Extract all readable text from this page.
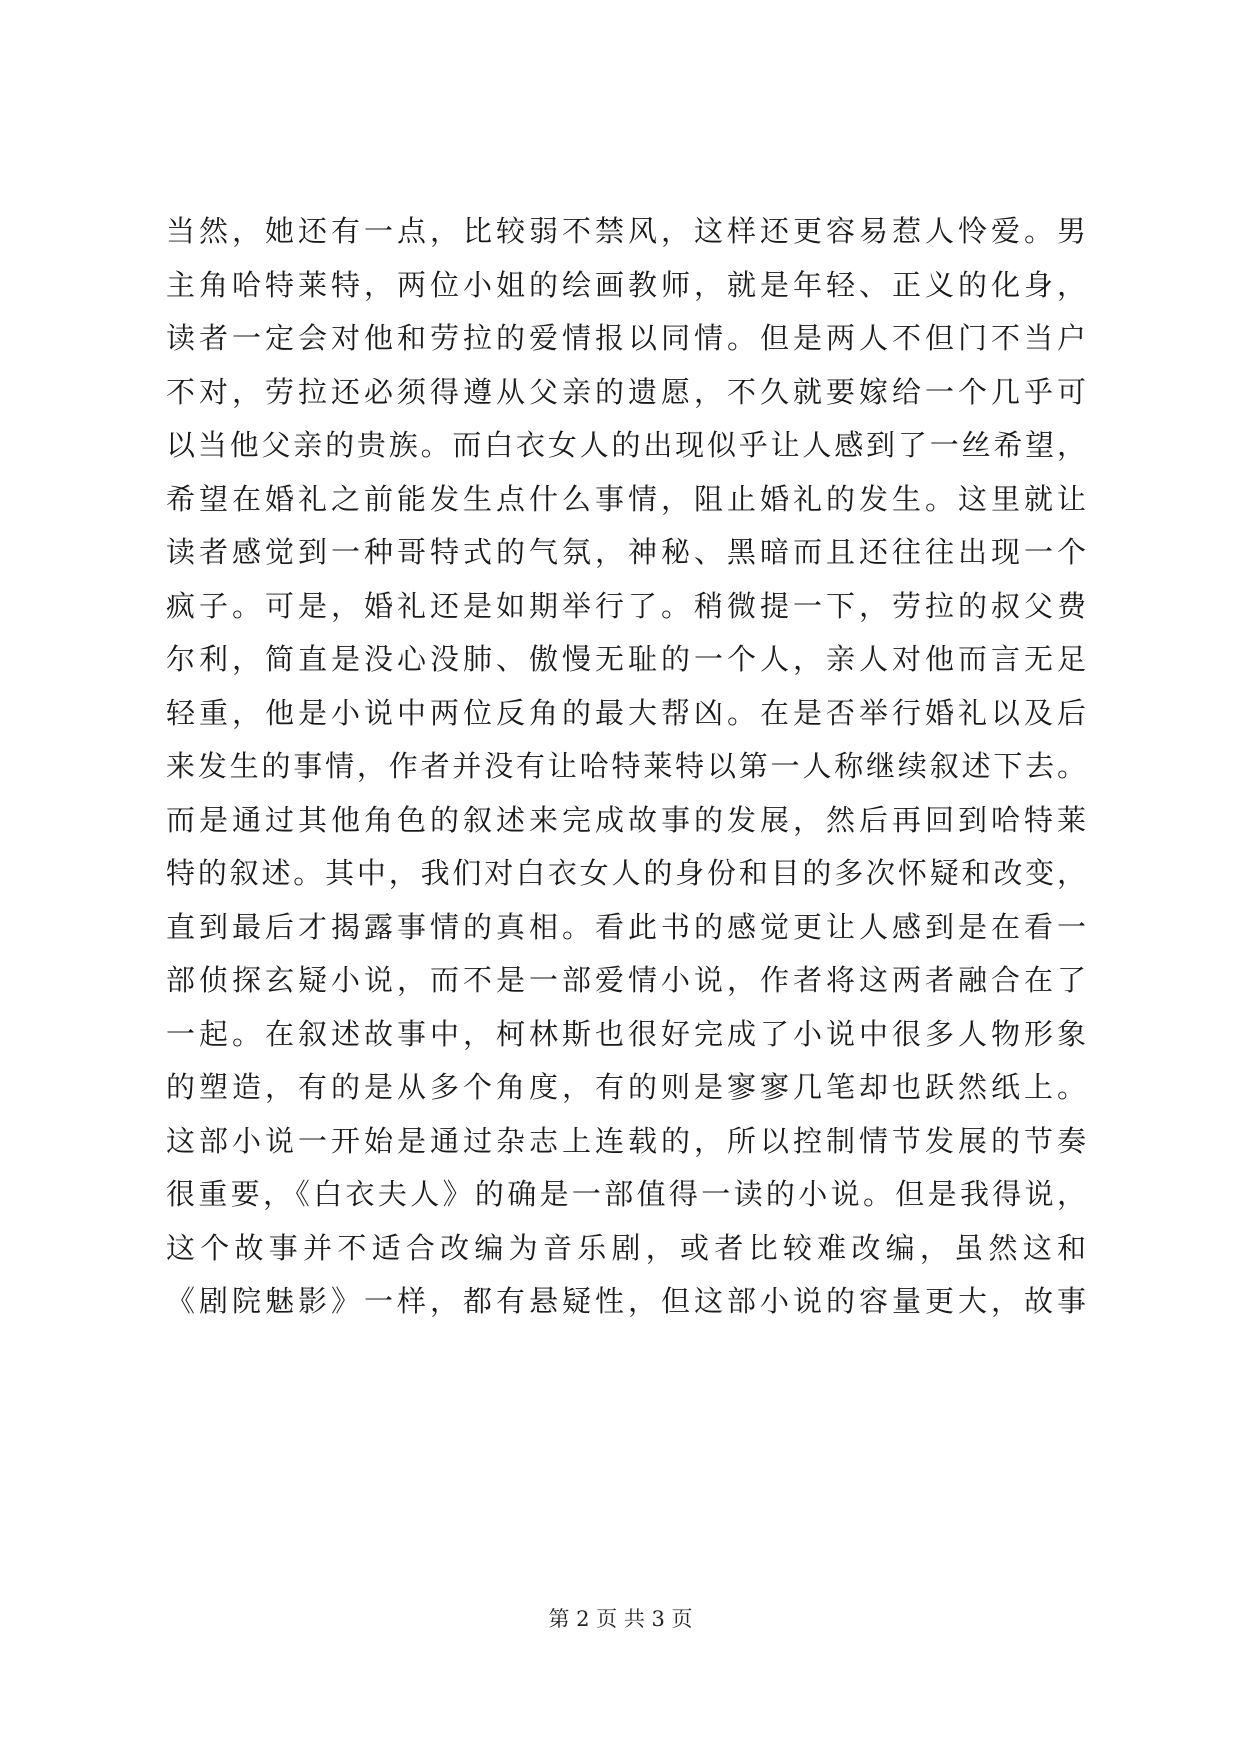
当然，她还有一点，比较弱不禁风，这样还更容易惹人怜爱。男
主角哈特莱特，两位小姐的绘画教师，就是年轻、正义的化身，
读者一定会对他和劳拉的爱情报以同情。但是两人不但门不当户
不对，劳拉还必须得遵从父亲的遗愿，不久就要嫁给一个几乎可
以当他父亲的贵族。而白衣女人的出现似乎让人感到了一丝希望，
希望在婚礼之前能发生点什么事情，阻止婚礼的发生。这里就让
读者感觉到一种哥特式的气氛，神秘、黑暗而且还往往出现一个
疯子。可是，婚礼还是如期举行了。稍微提一下，劳拉的叔父费
尔利，简直是没心没肺、傲慢无耻的一个人，亲人对他而言无足
轻重，他是小说中两位反角的最大帮凶。在是否举行婚礼以及后
来发生的事情，作者并没有让哈特莱特以第一人称继续叙述下去。
而是通过其他角色的叙述来完成故事的发展，然后再回到哈特莱
特的叙述。其中，我们对白衣女人的身份和目的多次怀疑和改变，
直到最后才揭露事情的真相。看此书的感觉更让人感到是在看一
部侦探玄疑小说，而不是一部爱情小说，作者将这两者融合在了
一起。在叙述故事中，柯林斯也很好完成了小说中很多人物形象
的塑造，有的是从多个角度，有的则是寥寥几笔却也跃然纸上。
这部小说一开始是通过杂志上连载的，所以控制情节发展的节奏
很重要，《白衣夫人》的确是一部值得一读的小说。但是我得说，
这个故事并不适合改编为音乐剧，或者比较难改编，虽然这和
《剧院魅影》一样，都有悬疑性，但这部小说的容量更大，故事
第 2 页 共 3 页
